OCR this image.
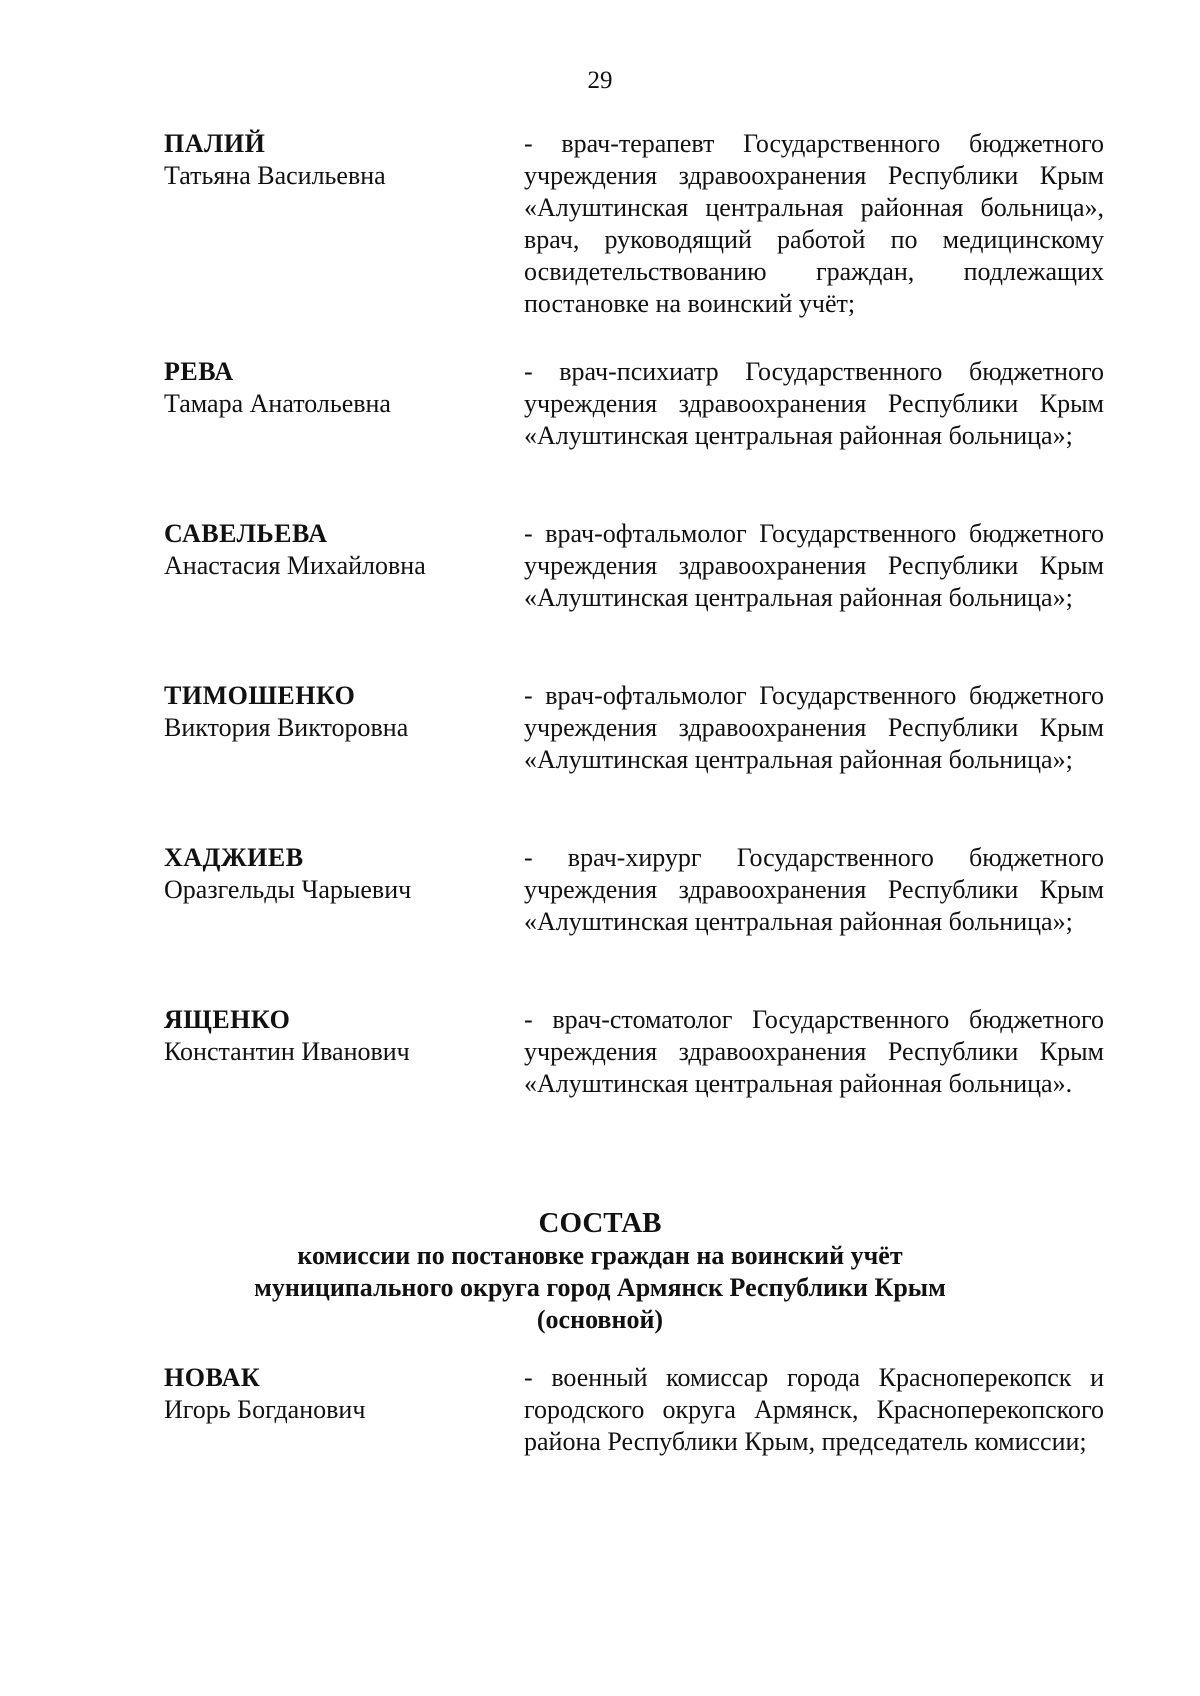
29
ПАЛИЙ
Татьяна Васильевна
- врач-терапевт Государственного бюджетного учреждения здравоохранения Республики Крым «Алуштинская центральная районная больница», врач, руководящий работой по медицинскому освидетельствованию граждан, подлежащих постановке на воинский учёт;
РЕВА
Тамара Анатольевна
- врач-психиатр Государственного бюджетного учреждения здравоохранения Республики Крым «Алуштинская центральная районная больница»;
САВЕЛЬЕВА
Анастасия Михайловна
- врач-офтальмолог Государственного бюджетного учреждения здравоохранения Республики Крым «Алуштинская центральная районная больница»;
ТИМОШЕНКО
Виктория Викторовна
- врач-офтальмолог Государственного бюджетного учреждения здравоохранения Республики Крым «Алуштинская центральная районная больница»;
ХАДЖИЕВ
Оразгельды Чарыевич
- врач-хирург Государственного бюджетного учреждения здравоохранения Республики Крым «Алуштинская центральная районная больница»;
ЯЩЕНКО
Константин Иванович
- врач-стоматолог Государственного бюджетного учреждения здравоохранения Республики Крым «Алуштинская центральная районная больница».
СОСТАВ
комиссии по постановке граждан на воинский учёт
муниципального округа город Армянск Республики Крым
(основной)
НОВАК
Игорь Богданович
- военный комиссар города Красноперекопск и городского округа Армянск, Красноперекопского района Республики Крым, председатель комиссии;
